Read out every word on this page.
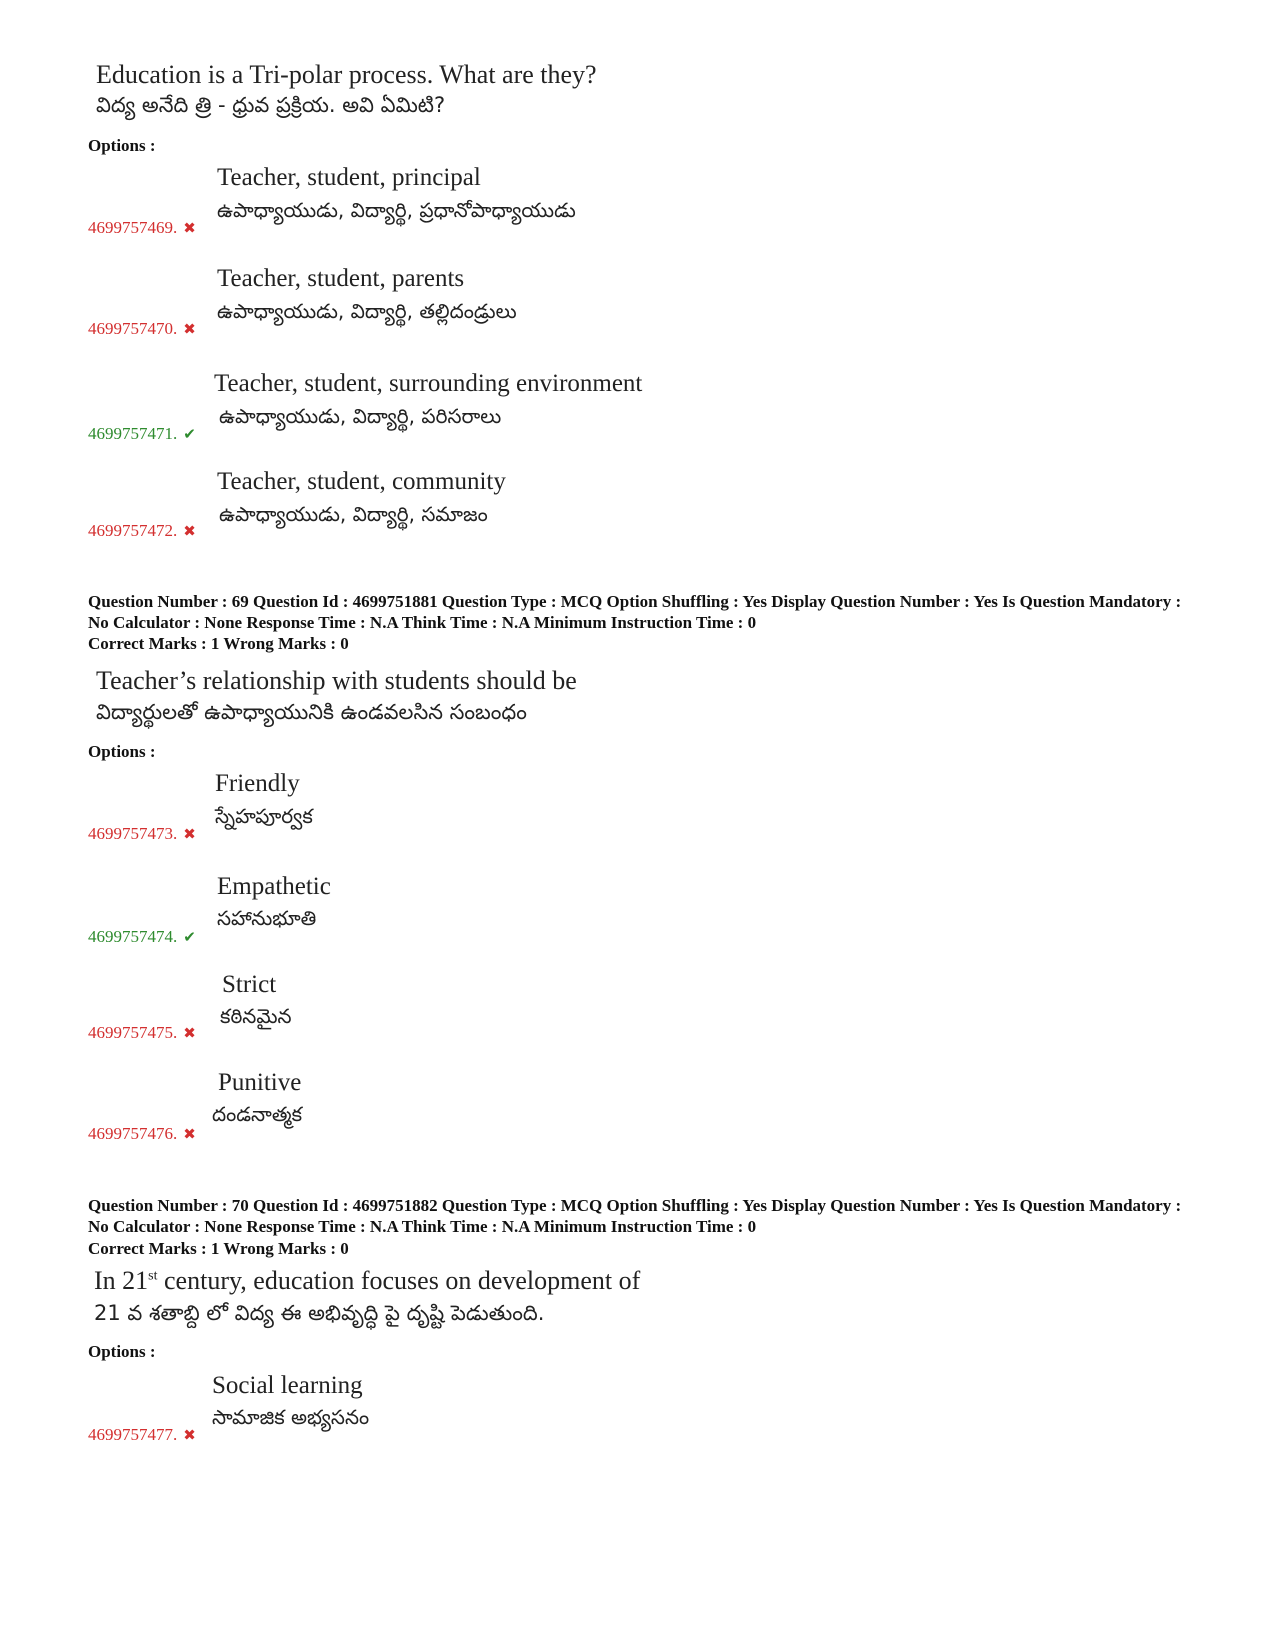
Education is a Tri-polar process. What are they?
విద్య అనేది త్రి - ధ్రువ ప్రక్రియ. అవి ఏమిటి?
Options :
Teacher, student, principal
ఉపాధ్యాయుడు, విద్యార్థి, ప్రధానోపాధ్యాయుడు
4699757469. ✖
Teacher, student, parents
ఉపాధ్యాయుడు, విద్యార్థి, తల్లిదండ్రులు
4699757470. ✖
Teacher, student, surrounding environment
ఉపాధ్యాయుడు, విద్యార్థి, పరిసరాలు
4699757471. ✔
Teacher, student, community
ఉపాధ్యాయుడు, విద్యార్థి, సమాజం
4699757472. ✖
Question Number : 69 Question Id : 4699751881 Question Type : MCQ Option Shuffling : Yes Display Question Number : Yes Is Question Mandatory : No Calculator : None Response Time : N.A Think Time : N.A Minimum Instruction Time : 0
Correct Marks : 1 Wrong Marks : 0
Teacher’s relationship with students should be
విద్యార్థులతో ఉపాధ్యాయునికి ఉండవలసిన సంబంధం
Options :
Friendly
స్నేహపూర్వక
4699757473. ✖
Empathetic
సహానుభూతి
4699757474. ✔
Strict
కఠినమైన
4699757475. ✖
Punitive
దండనాత్మక
4699757476. ✖
Question Number : 70 Question Id : 4699751882 Question Type : MCQ Option Shuffling : Yes Display Question Number : Yes Is Question Mandatory : No Calculator : None Response Time : N.A Think Time : N.A Minimum Instruction Time : 0
Correct Marks : 1 Wrong Marks : 0
In 21st century, education focuses on development of
21 వ శతాబ్ది లో విద్య ఈ అభివృద్ధి పై దృష్టి పెడుతుంది.
Options :
Social learning
సామాజిక అభ్యసనం
4699757477. ✖
